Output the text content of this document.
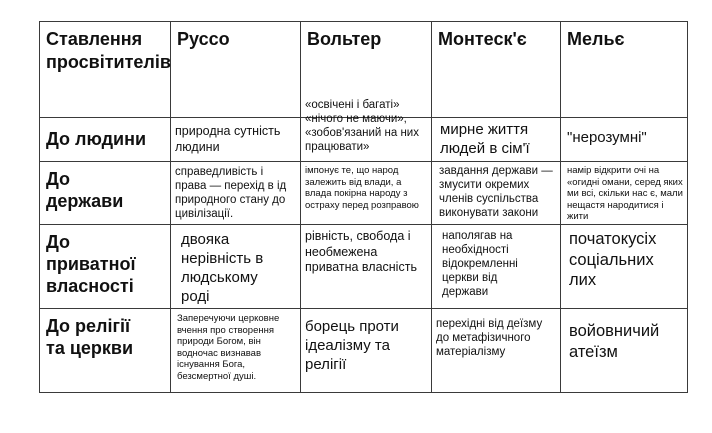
Ставлення просвітителів	Руссо	Вольтер	Монтеск'є	Мельє

До людини	природна сутність людини	«освічені і багаті» «нічого не маючи», «зобов'язаний на них працювати»	мирне життя людей в сім'ї	"нерозумні"

До держави	справедливість і права — перехід в ід природного стану до цивілізації.	імпонує те, що народ залежить від влади, а влада покірна народу з остраху перед розправою	завдання держави — змусити окремих членів суспільства виконувати закони	намір відкрити очі на «огидні омани, серед яких ми всі, скільки нас є, мали нещастя народитися і жити

До приватної власності	двояка нерівність в людському роді	рівність, свобода і необмежена приватна власність	наполягав на необхідності відокремленні церкви від держави	початокусіх соціальних лих

До релігії та церкви	Заперечуючи церковне вчення про створення природи Богом, він водночас визнавав існування Бога, безсмертної душі.	борець проти ідеалізму та релігії	перехідні від деїзму до метафізичного матеріалізму	войовничий атеїзм
